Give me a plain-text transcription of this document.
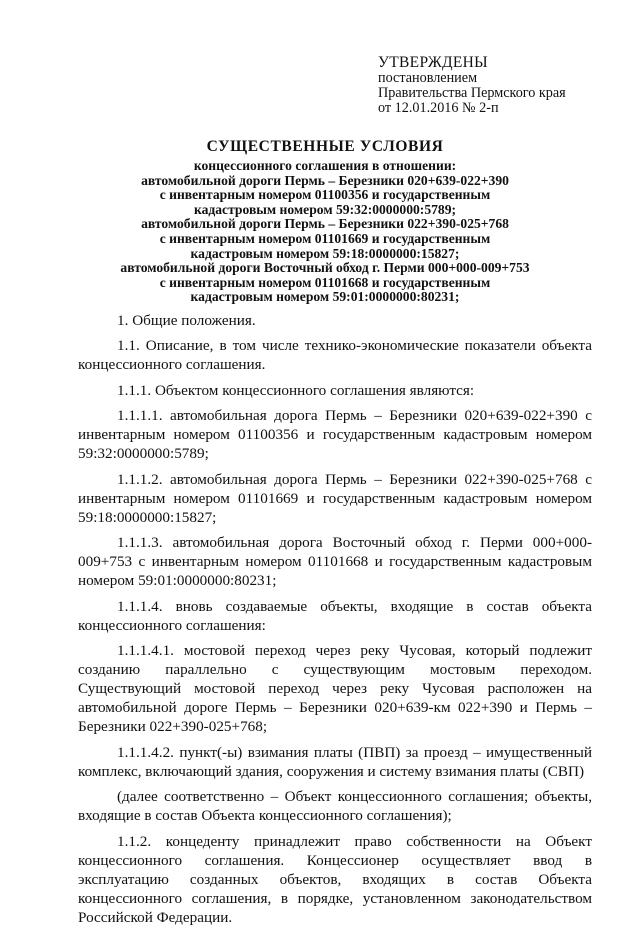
УТВЕРЖДЕНЫ
постановлением
Правительства Пермского края
от 12.01.2016 № 2-п
СУЩЕСТВЕННЫЕ УСЛОВИЯ
концессионного соглашения в отношении:
автомобильной дороги Пермь – Березники 020+639-022+390
с инвентарным номером 01100356 и государственным
кадастровым номером 59:32:0000000:5789;
автомобильной дороги Пермь – Березники 022+390-025+768
с инвентарным номером 01101669 и государственным
кадастровым номером 59:18:0000000:15827;
автомобильной дороги Восточный обход г. Перми 000+000-009+753
с инвентарным номером 01101668 и государственным
кадастровым номером 59:01:0000000:80231;

1. Общие положения.

1.1. Описание, в том числе технико-экономические показатели объекта концессионного соглашения.

1.1.1. Объектом концессионного соглашения являются:

1.1.1.1. автомобильная дорога Пермь – Березники 020+639-022+390 с инвентарным номером 01100356 и государственным кадастровым номером 59:32:0000000:5789;

1.1.1.2. автомобильная дорога Пермь – Березники 022+390-025+768 с инвентарным номером 01101669 и государственным кадастровым номером 59:18:0000000:15827;

1.1.1.3. автомобильная дорога Восточный обход г. Перми 000+000-009+753 с инвентарным номером 01101668 и государственным кадастровым номером 59:01:0000000:80231;

1.1.1.4. вновь создаваемые объекты, входящие в состав объекта концессионного соглашения:

1.1.1.4.1. мостовой переход через реку Чусовая, который подлежит созданию параллельно с существующим мостовым переходом. Существующий мостовой переход через реку Чусовая расположен на автомобильной дороге Пермь – Березники 020+639-км 022+390 и Пермь – Березники 022+390-025+768;

1.1.1.4.2. пункт(-ы) взимания платы (ПВП) за проезд – имущественный комплекс, включающий здания, сооружения и систему взимания платы (СВП)

(далее соответственно – Объект концессионного соглашения; объекты, входящие в состав Объекта концессионного соглашения);

1.1.2. концеденту принадлежит право собственности на Объект концессионного соглашения. Концессионер осуществляет ввод в эксплуатацию созданных объектов, входящих в состав Объекта концессионного соглашения, в порядке, установленном законодательством Российской Федерации.
